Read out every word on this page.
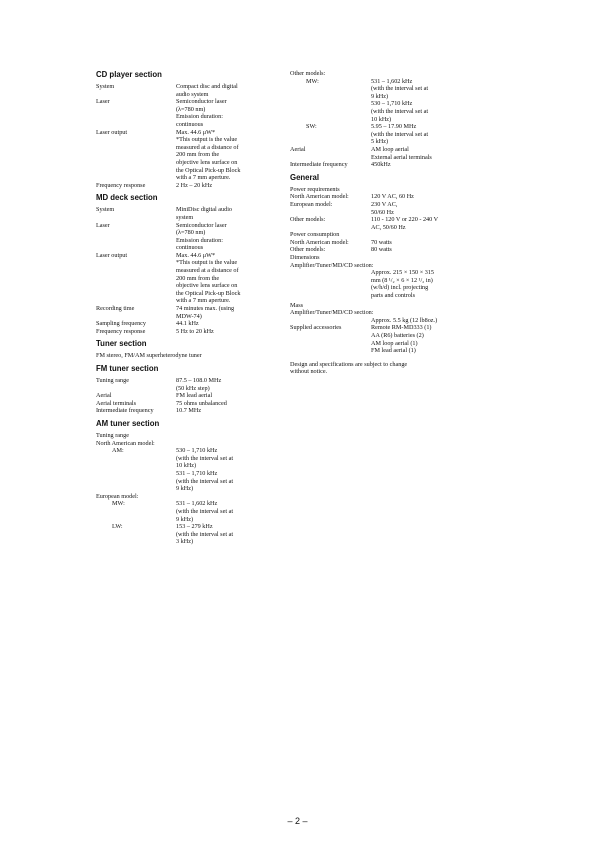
CD player section
System	Compact disc and digital
audio system
Laser	Semiconductor laser
(λ=780 nm)
Emission duration:
continuous
Laser output	Max. 44.6 μW*
*This output is the value
measured at a distance of
200 mm from the
objective lens surface on
the Optical Pick-up Block
with a 7 mm aperture.
Frequency response	2 Hz – 20 kHz
MD deck section
System	MiniDisc digital audio
system
Laser	Semiconductor laser
(λ=780 nm)
Emission duration:
continuous
Laser output	Max. 44.6 μW*
*This output is the value
measured at a distance of
200 mm from the
objective lens surface on
the Optical Pick-up Block
with a 7 mm aperture.
Recording time	74 minutes max. (using
MDW-74)
Sampling frequency	44.1 kHz
Frequency response	5 Hz to 20 kHz
Tuner section
FM stereo, FM/AM superheterodyne tuner
FM tuner section
Tuning range	87.5 – 108.0 MHz
(50 kHz step)
Aerial	FM lead aerial
Aerial terminals	75 ohms unbalanced
Intermediate frequency	10.7 MHz
AM tuner section
Tuning range
North American model:
AM:	530 – 1,710 kHz
(with the interval set at
10 kHz)
531 – 1,710 kHz
(with the interval set at
9 kHz)
European model:
MW:	531 – 1,602 kHz
(with the interval set at
9 kHz)
LW:	153 – 279 kHz
(with the interval set at
3 kHz)
Other models:
MW:	531 – 1,602 kHz
(with the interval set at
9 kHz)
530 – 1,710 kHz
(with the interval set at
10 kHz)
SW:	5.95 – 17.90 MHz
(with the interval set at
5 kHz)
Aerial	AM loop aerial
External aerial terminals
Intermediate frequency	450kHz
General
Power requirements
North American model:	120 V AC, 60 Hz
European model:	230 V AC,
50/60 Hz
Other models:	110 - 120 V or 220 - 240 V
AC, 50/60 Hz
Power consumption
North American model:	70 watts
Other models:	80 watts
Dimensions
Amplifier/Tuner/MD/CD section:
Approx. 215 × 150 × 315
mm (8 ¹/₂ × 6 × 12 ¹/₂ in)
(w/h/d) incl. projecting
parts and controls
Mass
Amplifier/Tuner/MD/CD section:
Approx. 5.5 kg (12 lb8oz.)
Supplied accessories	Remote RM-MD333 (1)
AA (R6) batteries (2)
AM loop aerial (1)
FM lead aerial (1)
Design and specifications are subject to change
without notice.
– 2 –
